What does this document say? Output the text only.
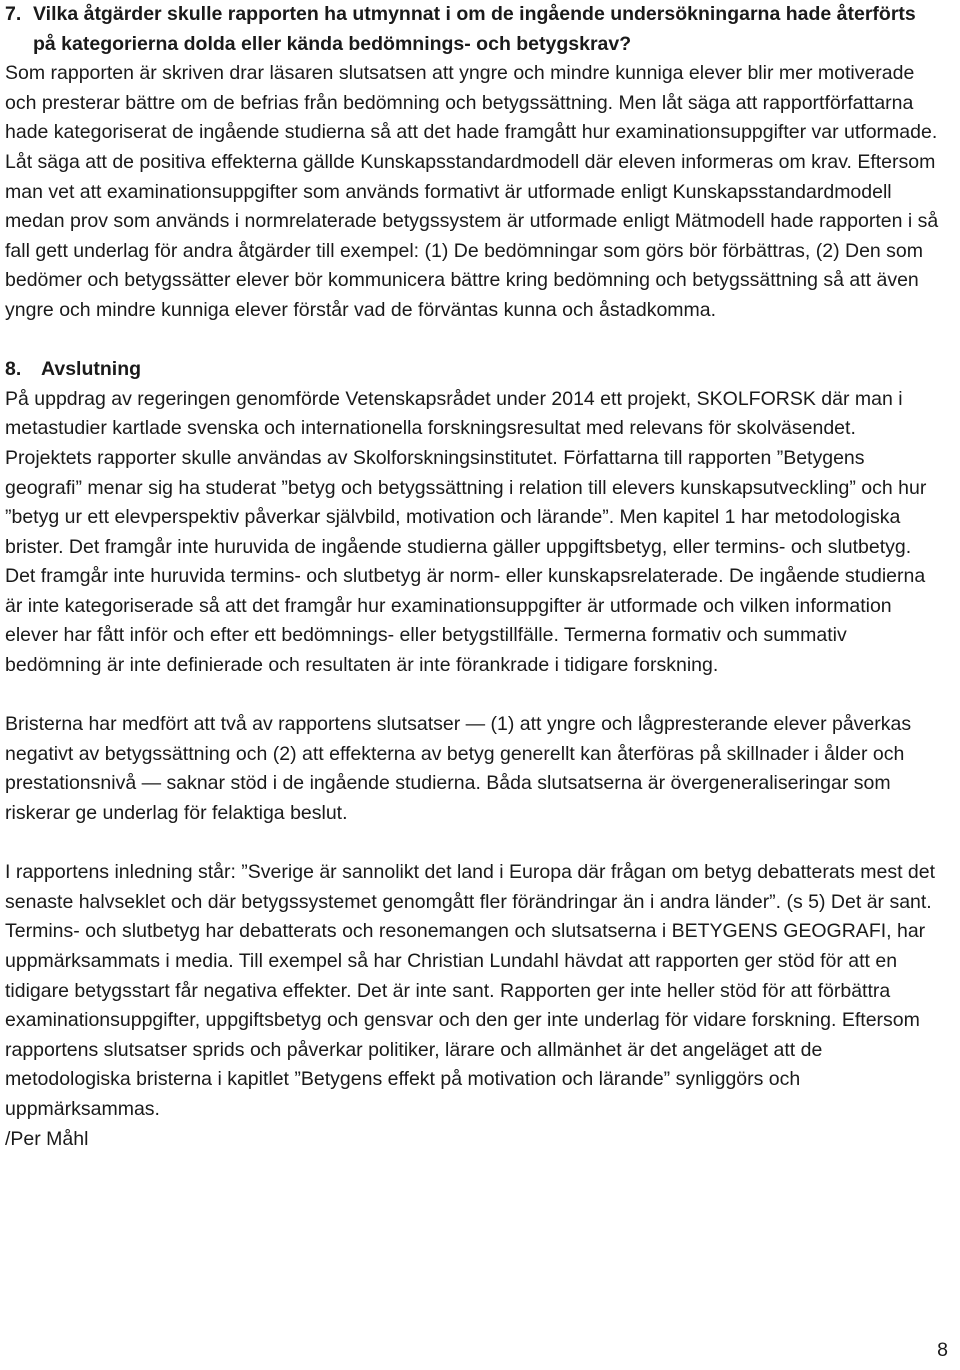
7. Vilka åtgärder skulle rapporten ha utmynnat i om de ingående undersökningarna hade återförts på kategorierna dolda eller kända bedömnings- och betygskrav?

Som rapporten är skriven drar läsaren slutsatsen att yngre och mindre kunniga elever blir mer motiverade och presterar bättre om de befrias från bedömning och betygssättning. Men låt säga att rapportförfattarna hade kategoriserat de ingående studierna så att det hade framgått hur examinationsuppgifter var utformade. Låt säga att de positiva effekterna gällde Kunskapsstandardmodell där eleven informeras om krav. Eftersom man vet att examinationsuppgifter som används formativt är utformade enligt Kunskapsstandardmodell medan prov som används i normrelaterade betygssystem är utformade enligt Mätmodell hade rapporten i så fall gett underlag för andra åtgärder till exempel: (1) De bedömningar som görs bör förbättras, (2) Den som bedömer och betygssätter elever bör kommunicera bättre kring bedömning och betygssättning så att även yngre och mindre kunniga elever förstår vad de förväntas kunna och åstadkomma.

8.	Avslutning

På uppdrag av regeringen genomförde Vetenskapsrådet under 2014 ett projekt, SKOLFORSK där man i metastudier kartlade svenska och internationella forskningsresultat med relevans för skolväsendet. Projektets rapporter skulle användas av Skolforskningsinstitutet. Författarna till rapporten ”Betygens geografi” menar sig ha studerat ”betyg och betygssättning i relation till elevers kunskapsutveckling” och hur ”betyg ur ett elevperspektiv påverkar självbild, motivation och lärande”. Men kapitel 1 har metodologiska brister. Det framgår inte huruvida de ingående studierna gäller uppgiftsbetyg, eller termins- och slutbetyg. Det framgår inte huruvida termins- och slutbetyg är norm- eller kunskapsrelaterade. De ingående studierna är inte kategoriserade så att det framgår hur examinationsuppgifter är utformade och vilken information elever har fått inför och efter ett bedömnings- eller betygstillfälle. Termerna formativ och summativ bedömning är inte definierade och resultaten är inte förankrade i tidigare forskning.

Bristerna har medfört att två av rapportens slutsatser — (1) att yngre och lågpresterande elever påverkas negativt av betygssättning och (2) att effekterna av betyg generellt kan återföras på skillnader i ålder och prestationsnivå — saknar stöd i de ingående studierna. Båda slutsatserna är övergeneraliseringar som riskerar ge underlag för felaktiga beslut.

I rapportens inledning står: ”Sverige är sannolikt det land i Europa där frågan om betyg debatterats mest det senaste halvseklet och där betygssystemet genomgått fler förändringar än i andra länder”. (s 5) Det är sant. Termins- och slutbetyg har debatterats och resonemangen och slutsatserna i BETYGENS GEOGRAFI, har uppmärksammats i media. Till exempel så har Christian Lundahl hävdat att rapporten ger stöd för att en tidigare betygsstart får negativa effekter. Det är inte sant. Rapporten ger inte heller stöd för att förbättra examinationsuppgifter, uppgiftsbetyg och gensvar och den ger inte underlag för vidare forskning. Eftersom rapportens slutsatser sprids och påverkar politiker, lärare och allmänhet är det angeläget att de metodologiska bristerna i kapitlet ”Betygens effekt på motivation och lärande” synliggörs och uppmärksammas.

/Per Måhl

8
